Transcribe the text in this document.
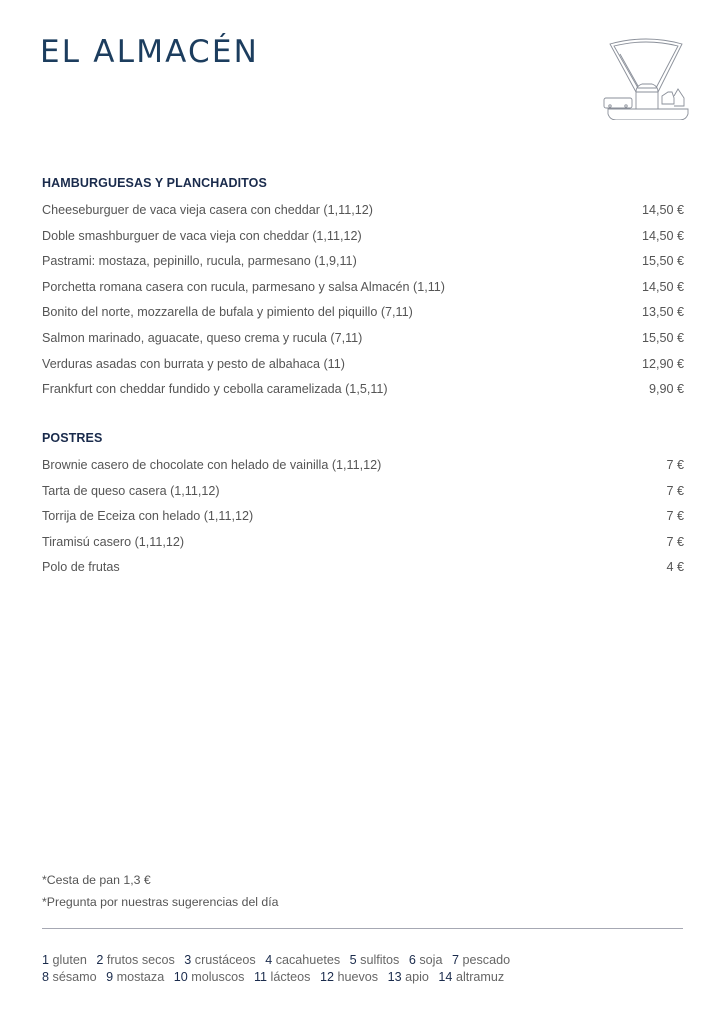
EL ALMACÉN
HAMBURGUESAS Y PLANCHADITOS
Cheeseburguer de vaca vieja casera con cheddar (1,11,12)	14,50 €
Doble smashburguer de vaca vieja con cheddar (1,11,12)	14,50 €
Pastrami: mostaza, pepinillo, rucula, parmesano (1,9,11)	15,50 €
Porchetta romana casera con rucula, parmesano y salsa Almacén (1,11)	14,50 €
Bonito del norte, mozzarella de bufala y pimiento del piquillo (7,11)	13,50 €
Salmon marinado, aguacate, queso crema y rucula (7,11)	15,50 €
Verduras asadas con burrata y pesto de albahaca (11)	12,90 €
Frankfurt con cheddar fundido y cebolla caramelizada (1,5,11)	9,90 €
POSTRES
Brownie casero de chocolate con helado de vainilla (1,11,12)	7 €
Tarta de queso casera (1,11,12)	7 €
Torrija de Eceiza con helado (1,11,12)	7 €
Tiramisú casero (1,11,12)	7 €
Polo de frutas	4 €
*Cesta de pan 1,3 €
*Pregunta por nuestras sugerencias del día
1 gluten 2 frutos secos 3 crustáceos 4 cacahuetes 5 sulfitos 6 soja 7 pescado
8 sésamo 9 mostaza 10 moluscos 11 lácteos 12 huevos 13 apio 14 altramuz
